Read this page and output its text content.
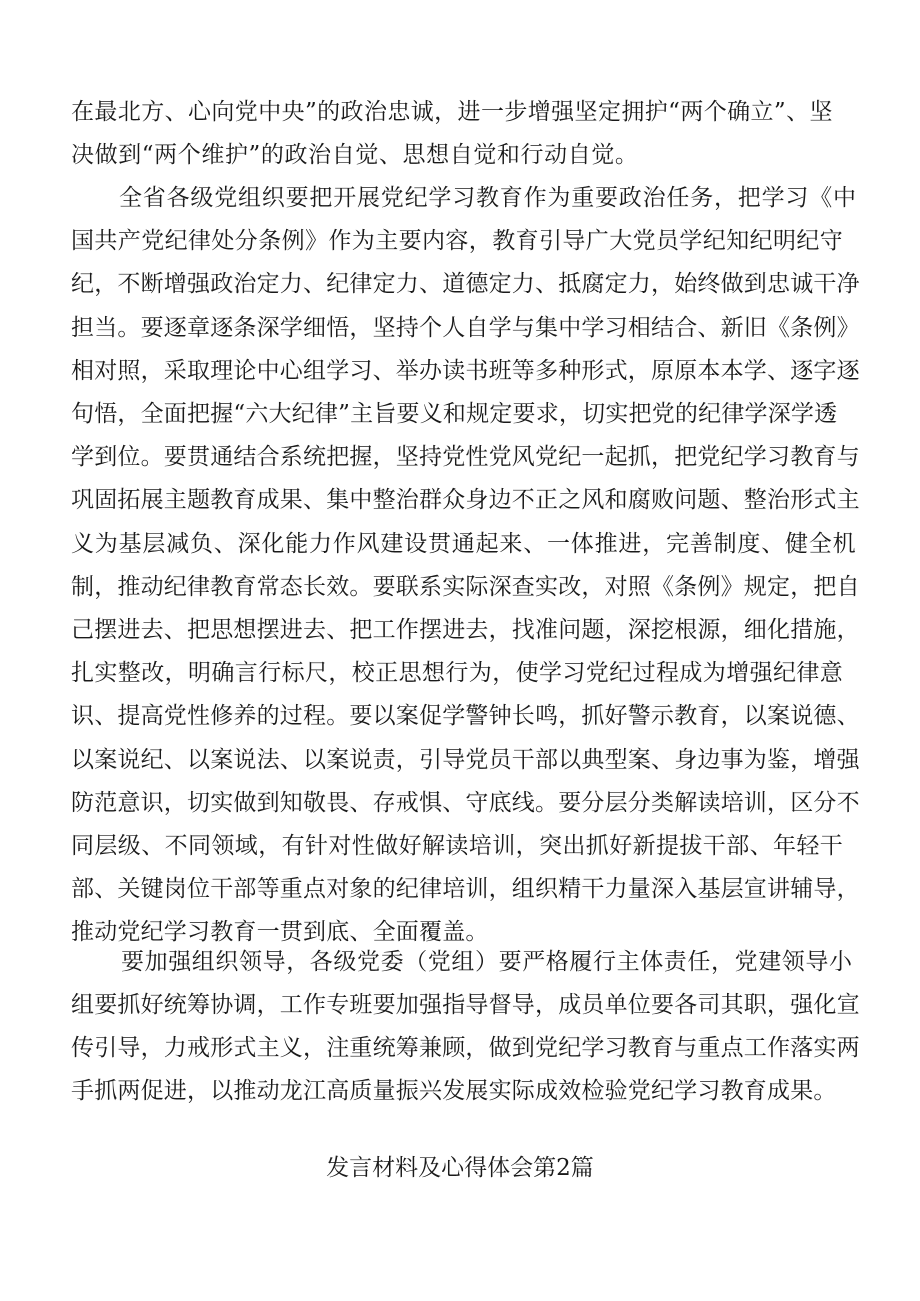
在最北方、心向党中央”的政治忠诚，进一步增强坚定拥护“两个确立”、坚
决做到“两个维护”的政治自觉、思想自觉和行动自觉。
全省各级党组织要把开展党纪学习教育作为重要政治任务，把学习《中
国共产党纪律处分条例》作为主要内容，教育引导广大党员学纪知纪明纪守
纪，不断增强政治定力、纪律定力、道德定力、抵腐定力，始终做到忠诚干净
担当。要逐章逐条深学细悟，坚持个人自学与集中学习相结合、新旧《条例》
相对照，采取理论中心组学习、举办读书班等多种形式，原原本本学、逐字逐
句悟，全面把握“六大纪律”主旨要义和规定要求，切实把党的纪律学深学透
学到位。要贯通结合系统把握，坚持党性党风党纪一起抓，把党纪学习教育与
巩固拓展主题教育成果、集中整治群众身边不正之风和腐败问题、整治形式主
义为基层减负、深化能力作风建设贯通起来、一体推进，完善制度、健全机
制，推动纪律教育常态长效。要联系实际深查实改，对照《条例》规定，把自
己摆进去、把思想摆进去、把工作摆进去，找准问题，深挖根源，细化措施，
扎实整改，明确言行标尺，校正思想行为，使学习党纪过程成为增强纪律意
识、提高党性修养的过程。要以案促学警钟长鸣，抓好警示教育，以案说德、
以案说纪、以案说法、以案说责，引导党员干部以典型案、身边事为鉴，增强
防范意识，切实做到知敬畏、存戒惧、守底线。要分层分类解读培训，区分不
同层级、不同领域，有针对性做好解读培训，突出抓好新提拔干部、年轻干
部、关键岗位干部等重点对象的纪律培训，组织精干力量深入基层宣讲辅导，
推动党纪学习教育一贯到底、全面覆盖。
要加强组织领导，各级党委（党组）要严格履行主体责任，党建领导小
组要抓好统筹协调，工作专班要加强指导督导，成员单位要各司其职，强化宣
传引导，力戒形式主义，注重统筹兼顾，做到党纪学习教育与重点工作落实两
手抓两促进，以推动龙江高质量振兴发展实际成效检验党纪学习教育成果。
发言材料及心得体会第2篇
